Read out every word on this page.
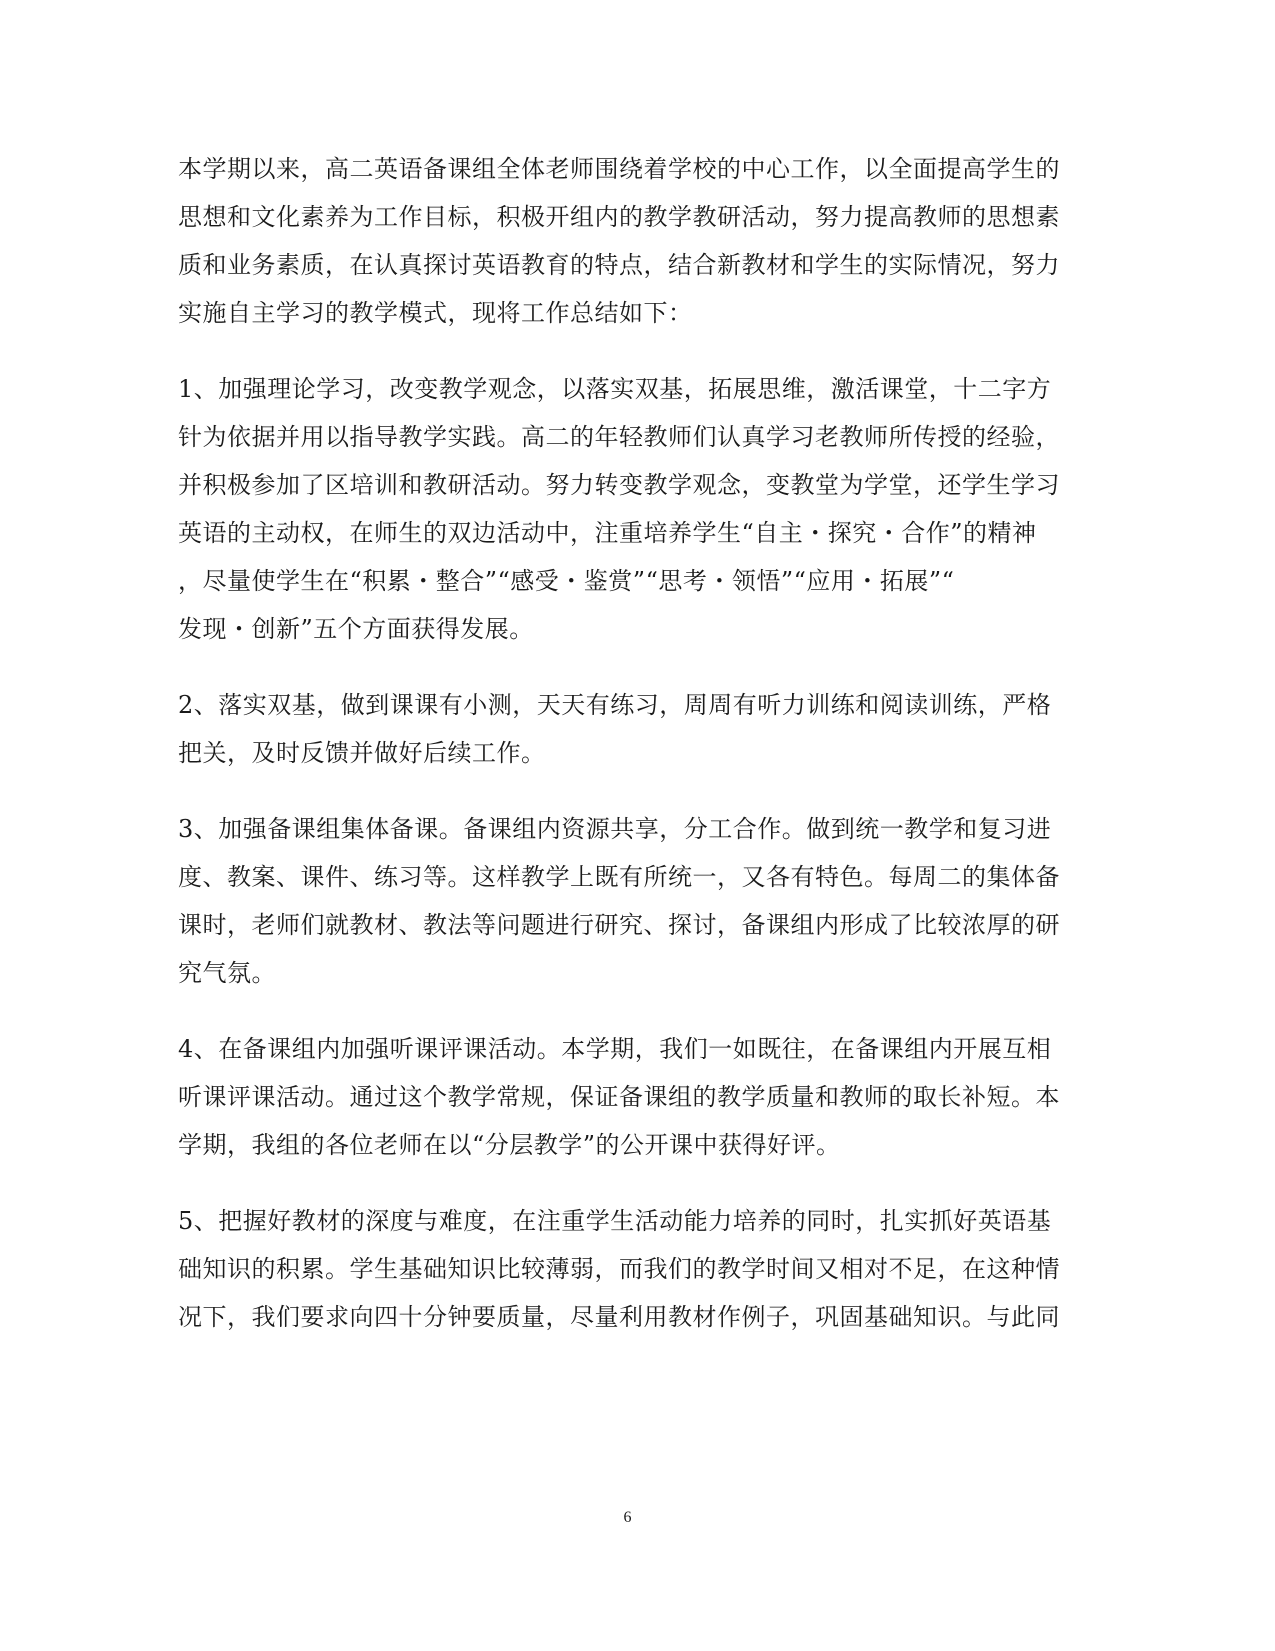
本学期以来，高二英语备课组全体老师围绕着学校的中心工作，以全面提高学生的
思想和文化素养为工作目标，积极开组内的教学教研活动，努力提高教师的思想素
质和业务素质，在认真探讨英语教育的特点，结合新教材和学生的实际情况，努力
实施自主学习的教学模式，现将工作总结如下：
1、加强理论学习，改变教学观念，以落实双基，拓展思维，激活课堂，十二字方
针为依据并用以指导教学实践。高二的年轻教师们认真学习老教师所传授的经验，
并积极参加了区培训和教研活动。努力转变教学观念，变教堂为学堂，还学生学习
英语的主动权，在师生的双边活动中，注重培养学生“自主・探究・合作”的精神
，尽量使学生在“积累・整合”“感受・鉴赏”“思考・领悟”“应用・拓展”“
发现・创新”五个方面获得发展。
2、落实双基，做到课课有小测，天天有练习，周周有听力训练和阅读训练，严格
把关，及时反馈并做好后续工作。
3、加强备课组集体备课。备课组内资源共享，分工合作。做到统一教学和复习进
度、教案、课件、练习等。这样教学上既有所统一，又各有特色。每周二的集体备
课时，老师们就教材、教法等问题进行研究、探讨，备课组内形成了比较浓厚的研
究气氛。
4、在备课组内加强听课评课活动。本学期，我们一如既往，在备课组内开展互相
听课评课活动。通过这个教学常规，保证备课组的教学质量和教师的取长补短。本
学期，我组的各位老师在以“分层教学”的公开课中获得好评。
5、把握好教材的深度与难度，在注重学生活动能力培养的同时，扎实抓好英语基
础知识的积累。学生基础知识比较薄弱，而我们的教学时间又相对不足，在这种情
况下，我们要求向四十分钟要质量，尽量利用教材作例子，巩固基础知识。与此同
6
